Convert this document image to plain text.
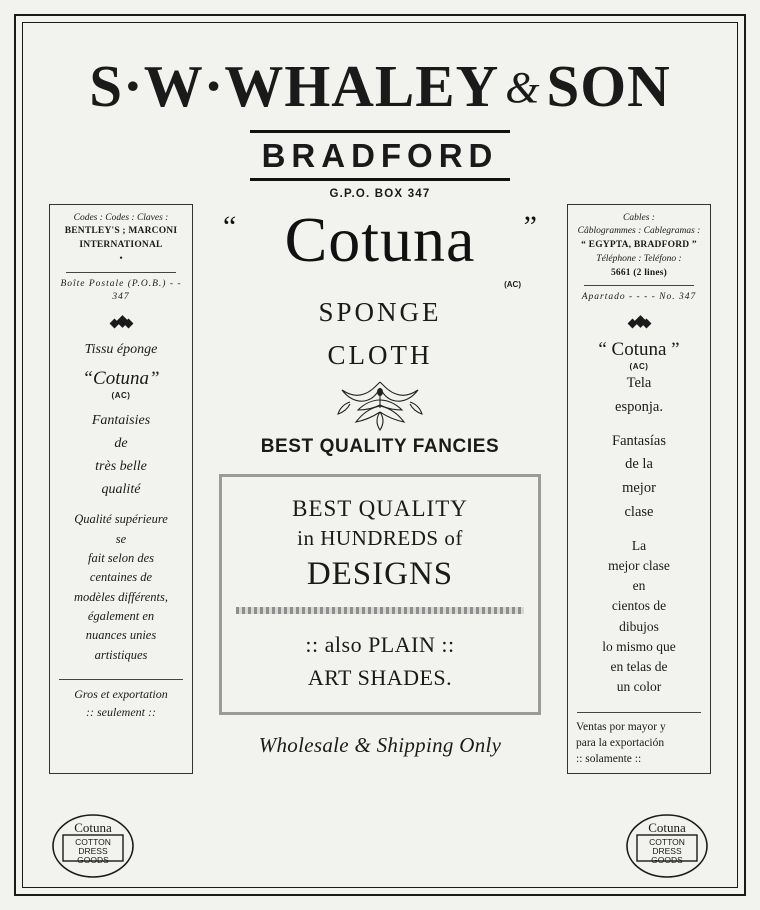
S·W·WHALEY & SON
BRADFORD
G.P.O. BOX 347
Codes : Codes : Claves :
BENTLEY'S ; MARCONI
INTERNATIONAL
•
Boîte Postale (P.O.B.) - - 347
Tissu éponge
“Cotuna”
(AC)
Fantaisies
de
très belle
qualité
Qualité supérieure
se
fait selon des
centaines de
modèles différents,
également en
nuances unies
artistiques
Gros et exportation
:: seulement ::
“ Cotuna ”
(AC)
SPONGE
CLOTH
BEST QUALITY FANCIES
BEST QUALITY
in HUNDREDS of
DESIGNS
:: also PLAIN ::
ART SHADES.
Wholesale & Shipping Only
Cables :
Câblogrammes : Cablegramas :
“ EGYPTA, BRADFORD ”
Téléphone : Teléfono :
5661 (2 lines)
Apartado - - - - No. 347
“ Cotuna ”
(AC)
Tela
esponja.
Fantasías
de la
mejor
clase
La
mejor clase
en
cientos de
dibujos
lo mismo que
en telas de
un color
Ventas por mayor y
para la exportación
:: solamente ::
Cotuna
COTTON
DRESS
GOODS
Cotuna
COTTON
DRESS
GOODS
